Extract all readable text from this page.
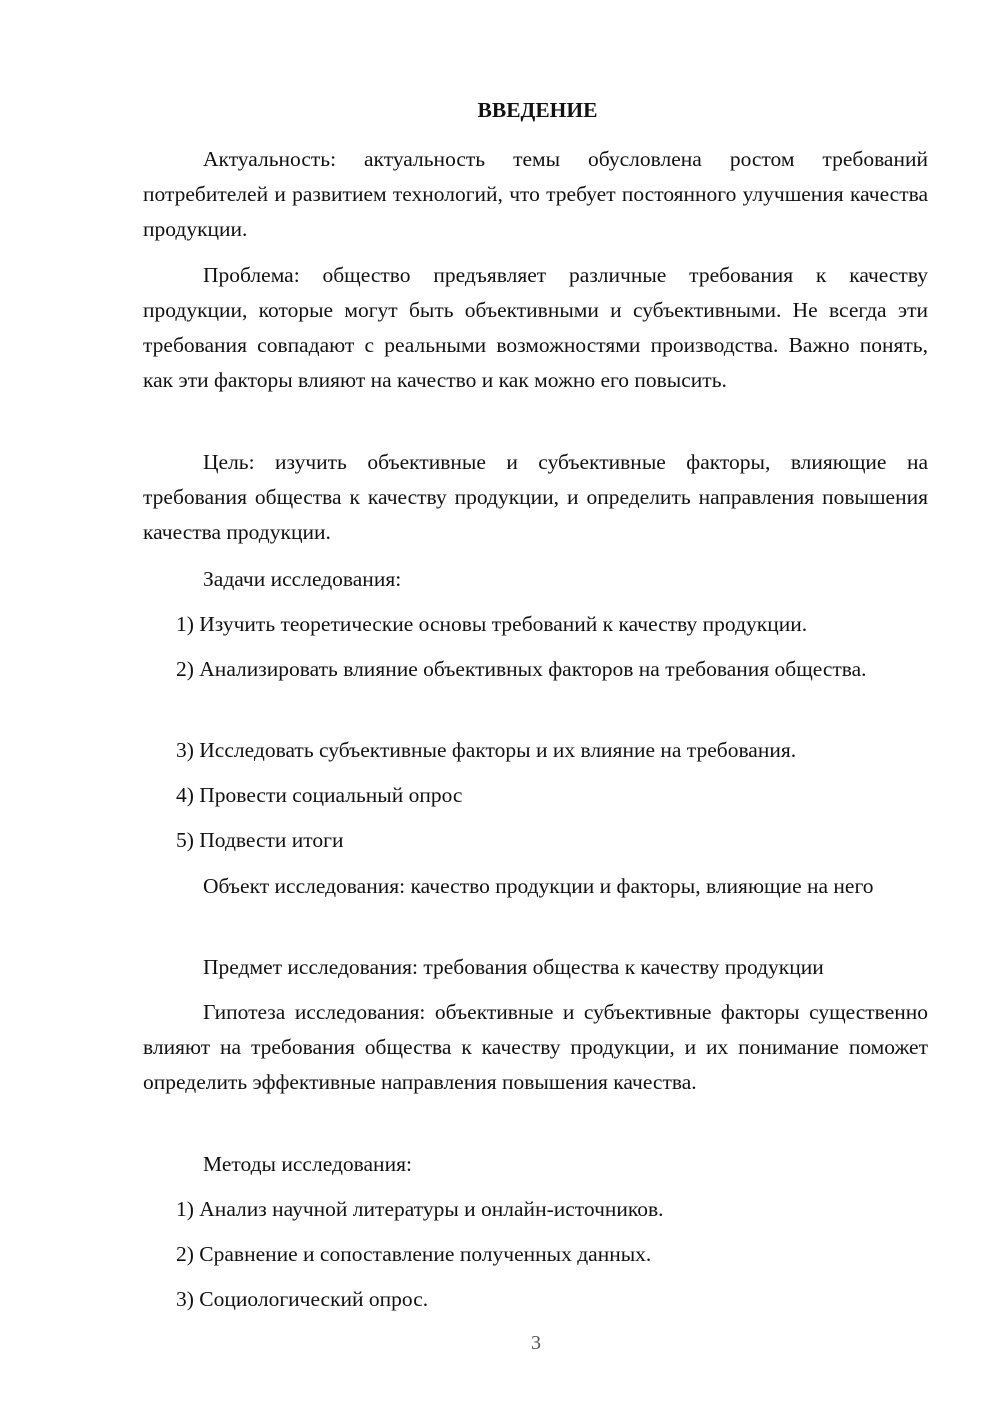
ВВЕДЕНИЕ

Актуальность: актуальность темы обусловлена ростом требований потребителей и развитием технологий, что требует постоянного улучшения качества продукции.

Проблема: общество предъявляет различные требования к качеству продукции, которые могут быть объективными и субъективными. Не всегда эти требования совпадают с реальными возможностями производства. Важно понять, как эти факторы влияют на качество и как можно его повысить.

Цель: изучить объективные и субъективные факторы, влияющие на требования общества к качеству продукции, и определить направления повышения качества продукции.

Задачи исследования:

1) Изучить теоретические основы требований к качеству продукции.

2) Анализировать влияние объективных факторов на требования общества.

3) Исследовать субъективные факторы и их влияние на требования.

4) Провести социальный опрос

5) Подвести итоги

Объект исследования: качество продукции и факторы, влияющие на него

Предмет исследования: требования общества к качеству продукции

Гипотеза исследования: объективные и субъективные факторы существенно влияют на требования общества к качеству продукции, и их понимание поможет определить эффективные направления повышения качества.

Методы исследования:

1) Анализ научной литературы и онлайн-источников.

2) Сравнение и сопоставление полученных данных.

3) Социологический опрос.

3
